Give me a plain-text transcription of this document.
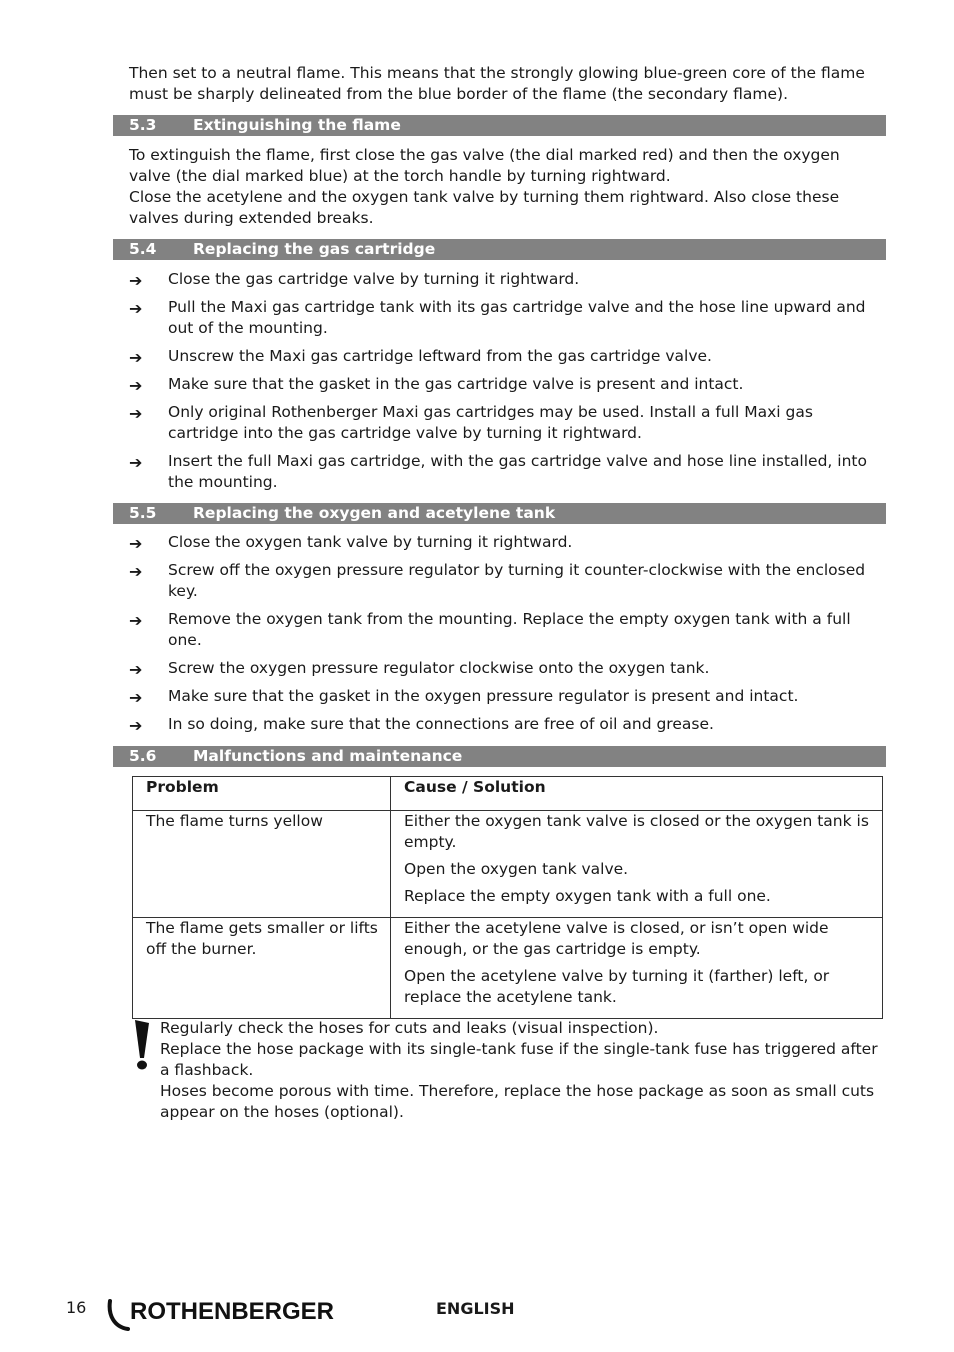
Then set to a neutral flame. This means that the strongly glowing blue-green core of the flame must be sharply delineated from the blue border of the flame (the secondary flame).

5.3 Extinguishing the flame

To extinguish the flame, first close the gas valve (the dial marked red) and then the oxygen valve (the dial marked blue) at the torch handle by turning rightward.

Close the acetylene and the oxygen tank valve by turning them rightward. Also close these valves during extended breaks.

5.4 Replacing the gas cartridge
➔ Close the gas cartridge valve by turning it rightward.
➔ Pull the Maxi gas cartridge tank with its gas cartridge valve and the hose line upward and out of the mounting.
➔ Unscrew the Maxi gas cartridge leftward from the gas cartridge valve.
➔ Make sure that the gasket in the gas cartridge valve is present and intact.
➔ Only original Rothenberger Maxi gas cartridges may be used. Install a full Maxi gas cartridge into the gas cartridge valve by turning it rightward.
➔ Insert the full Maxi gas cartridge, with the gas cartridge valve and hose line installed, into the mounting.
5.5 Replacing the oxygen and acetylene tank
➔ Close the oxygen tank valve by turning it rightward.
➔ Screw off the oxygen pressure regulator by turning it counter-clockwise with the enclosed key.
➔ Remove the oxygen tank from the mounting. Replace the empty oxygen tank with a full one.
➔ Screw the oxygen pressure regulator clockwise onto the oxygen tank.
➔ Make sure that the gasket in the oxygen pressure regulator is present and intact.
➔ In so doing, make sure that the connections are free of oil and grease.
5.6 Malfunctions and maintenance
Problem	Cause / Solution

The flame turns yellow	Either the oxygen tank valve is closed or the oxygen tank is empty.
Open the oxygen tank valve.
Replace the empty oxygen tank with a full one.

The flame gets smaller or lifts off the burner.	Either the acetylene valve is closed, or isn’t open wide enough, or the gas cartridge is empty.
Open the acetylene valve by turning it (farther) left, or replace the acetylene tank.

Regularly check the hoses for cuts and leaks (visual inspection).

Replace the hose package with its single-tank fuse if the single-tank fuse has triggered after a flashback.

Hoses become porous with time. Therefore, replace the hose package as soon as small cuts appear on the hoses (optional).

16 ROTHENBERGER	ENGLISH
